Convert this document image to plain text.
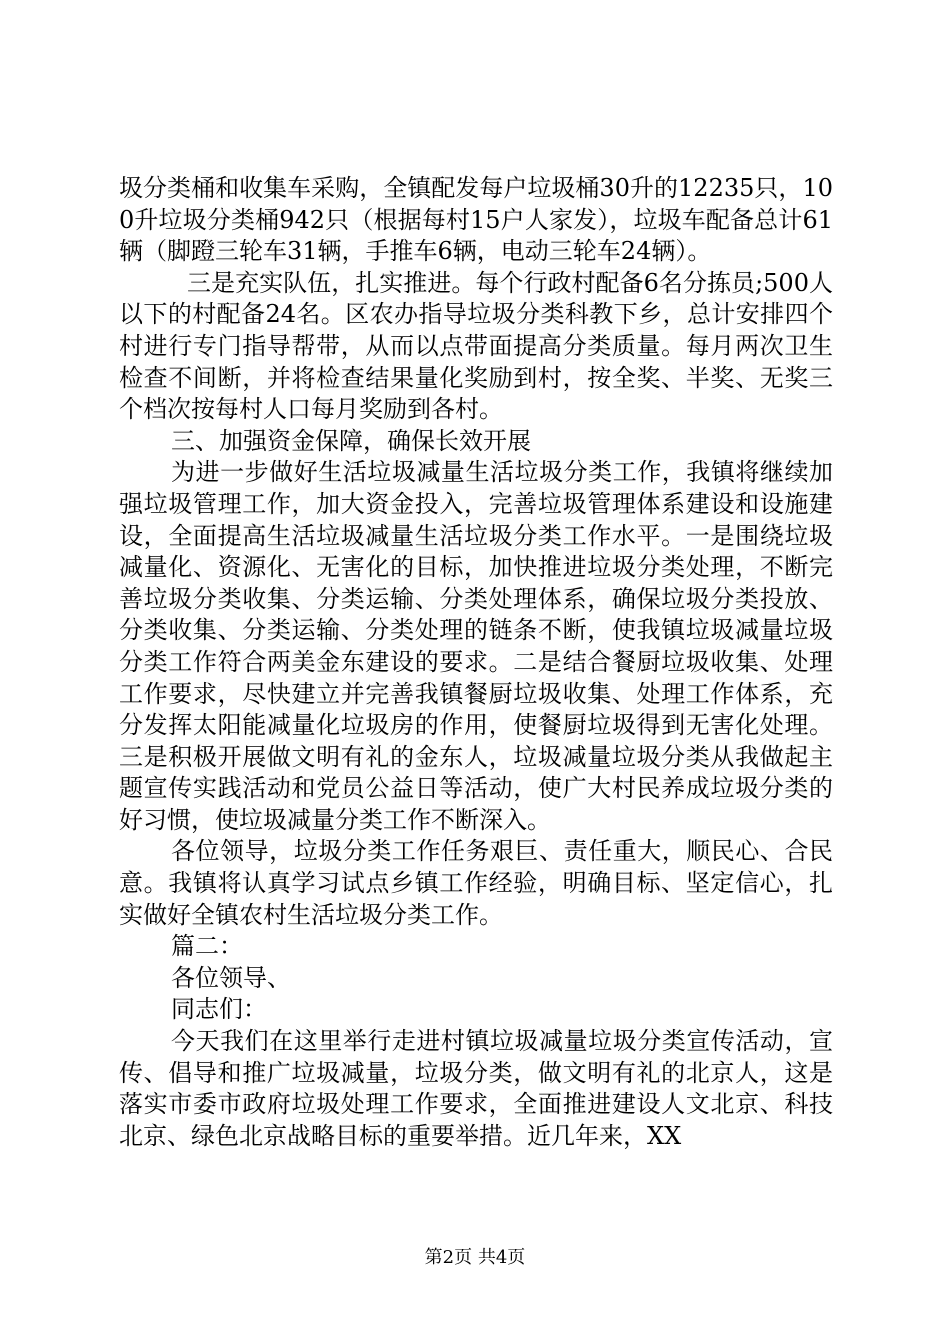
圾分类桶和收集车采购，全镇配发每户垃圾桶30升的12235只，100升垃圾分类桶942只（根据每村15户人家发），垃圾车配备总计61辆（脚蹬三轮车31辆，手推车6辆，电动三轮车24辆）。

三是充实队伍，扎实推进。每个行政村配备6名分拣员;500人以下的村配备24名。区农办指导垃圾分类科教下乡，总计安排四个村进行专门指导帮带，从而以点带面提高分类质量。每月两次卫生检查不间断，并将检查结果量化奖励到村，按全奖、半奖、无奖三个档次按每村人口每月奖励到各村。

三、加强资金保障，确保长效开展

为进一步做好生活垃圾减量生活垃圾分类工作，我镇将继续加强垃圾管理工作，加大资金投入，完善垃圾管理体系建设和设施建设，全面提高生活垃圾减量生活垃圾分类工作水平。一是围绕垃圾减量化、资源化、无害化的目标，加快推进垃圾分类处理，不断完善垃圾分类收集、分类运输、分类处理体系，确保垃圾分类投放、分类收集、分类运输、分类处理的链条不断，使我镇垃圾减量垃圾分类工作符合两美金东建设的要求。二是结合餐厨垃圾收集、处理工作要求，尽快建立并完善我镇餐厨垃圾收集、处理工作体系，充分发挥太阳能减量化垃圾房的作用，使餐厨垃圾得到无害化处理。三是积极开展做文明有礼的金东人，垃圾减量垃圾分类从我做起主题宣传实践活动和党员公益日等活动，使广大村民养成垃圾分类的好习惯，使垃圾减量分类工作不断深入。

各位领导，垃圾分类工作任务艰巨、责任重大，顺民心、合民意。我镇将认真学习试点乡镇工作经验，明确目标、坚定信心，扎实做好全镇农村生活垃圾分类工作。

篇二：

各位领导、

同志们：

今天我们在这里举行走进村镇垃圾减量垃圾分类宣传活动，宣传、倡导和推广垃圾减量，垃圾分类，做文明有礼的北京人，这是落实市委市政府垃圾处理工作要求，全面推进建设人文北京、科技北京、绿色北京战略目标的重要举措。近几年来，XX

第2页 共4页
